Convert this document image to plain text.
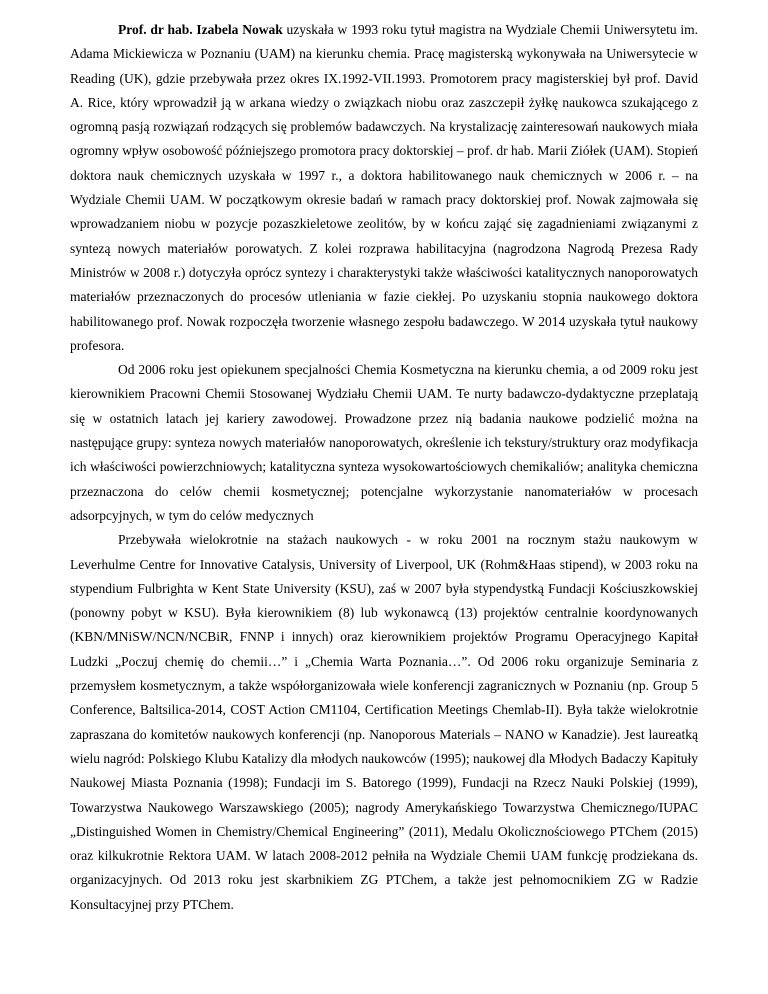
Prof. dr hab. Izabela Nowak uzyskała w 1993 roku tytuł magistra na Wydziale Chemii Uniwersytetu im. Adama Mickiewicza w Poznaniu (UAM) na kierunku chemia. Pracę magisterską wykonywała na Uniwersytecie w Reading (UK), gdzie przebywała przez okres IX.1992-VII.1993. Promotorem pracy magisterskiej był prof. David A. Rice, który wprowadził ją w arkana wiedzy o związkach niobu oraz zaszczepił żyłkę naukowca szukającego z ogromną pasją rozwiązań rodzących się problemów badawczych. Na krystalizację zainteresowań naukowych miała ogromny wpływ osobowość późniejszego promotora pracy doktorskiej – prof. dr hab. Marii Ziółek (UAM). Stopień doktora nauk chemicznych uzyskała w 1997 r., a doktora habilitowanego nauk chemicznych w 2006 r. – na Wydziale Chemii UAM. W początkowym okresie badań w ramach pracy doktorskiej prof. Nowak zajmowała się wprowadzaniem niobu w pozycje pozaszkieletowe zeolitów, by w końcu zająć się zagadnieniami związanymi z syntezą nowych materiałów porowatych. Z kolei rozprawa habilitacyjna (nagrodzona Nagrodą Prezesa Rady Ministrów w 2008 r.) dotyczyła oprócz syntezy i charakterystyki także właściwości katalitycznych nanoporowatych materiałów przeznaczonych do procesów utleniania w fazie ciekłej. Po uzyskaniu stopnia naukowego doktora habilitowanego prof. Nowak rozpoczęła tworzenie własnego zespołu badawczego. W 2014 uzyskała tytuł naukowy profesora.

Od 2006 roku jest opiekunem specjalności Chemia Kosmetyczna na kierunku chemia, a od 2009 roku jest kierownikiem Pracowni Chemii Stosowanej Wydziału Chemii UAM. Te nurty badawczo-dydaktyczne przeplatają się w ostatnich latach jej kariery zawodowej. Prowadzone przez nią badania naukowe podzielić można na następujące grupy: synteza nowych materiałów nanoporowatych, określenie ich tekstury/struktury oraz modyfikacja ich właściwości powierzchniowych; katalityczna synteza wysokowartościowych chemikaliów; analityka chemiczna przeznaczona do celów chemii kosmetycznej; potencjalne wykorzystanie nanomateriałów w procesach adsorpcyjnych, w tym do celów medycznych

Przebywała wielokrotnie na stażach naukowych - w roku 2001 na rocznym stażu naukowym w Leverhulme Centre for Innovative Catalysis, University of Liverpool, UK (Rohm&Haas stipend), w 2003 roku na stypendium Fulbrighta w Kent State University (KSU), zaś w 2007 była stypendystką Fundacji Kościuszkowskiej (ponowny pobyt w KSU). Była kierownikiem (8) lub wykonawcą (13) projektów centralnie koordynowanych (KBN/MNiSW/NCN/NCBiR, FNNP i innych) oraz kierownikiem projektów Programu Operacyjnego Kapitał Ludzki „Poczuj chemię do chemii…” i „Chemia Warta Poznania…”. Od 2006 roku organizuje Seminaria z przemysłem kosmetycznym, a także współorganizowała wiele konferencji zagranicznych w Poznaniu (np. Group 5 Conference, Baltsilica-2014, COST Action CM1104, Certification Meetings Chemlab-II). Była także wielokrotnie zapraszana do komitetów naukowych konferencji (np. Nanoporous Materials – NANO w Kanadzie). Jest laureatką wielu nagród: Polskiego Klubu Katalizy dla młodych naukowców (1995); naukowej dla Młodych Badaczy Kapituły Naukowej Miasta Poznania (1998); Fundacji im S. Batorego (1999), Fundacji na Rzecz Nauki Polskiej (1999), Towarzystwa Naukowego Warszawskiego (2005); nagrody Amerykańskiego Towarzystwa Chemicznego/IUPAC „Distinguished Women in Chemistry/Chemical Engineering” (2011), Medalu Okolicznościowego PTChem (2015) oraz kilkukrotnie Rektora UAM. W latach 2008-2012 pełniła na Wydziale Chemii UAM funkcję prodziekana ds. organizacyjnych. Od 2013 roku jest skarbnikiem ZG PTChem, a także jest pełnomocnikiem ZG w Radzie Konsultacyjnej przy PTChem.
